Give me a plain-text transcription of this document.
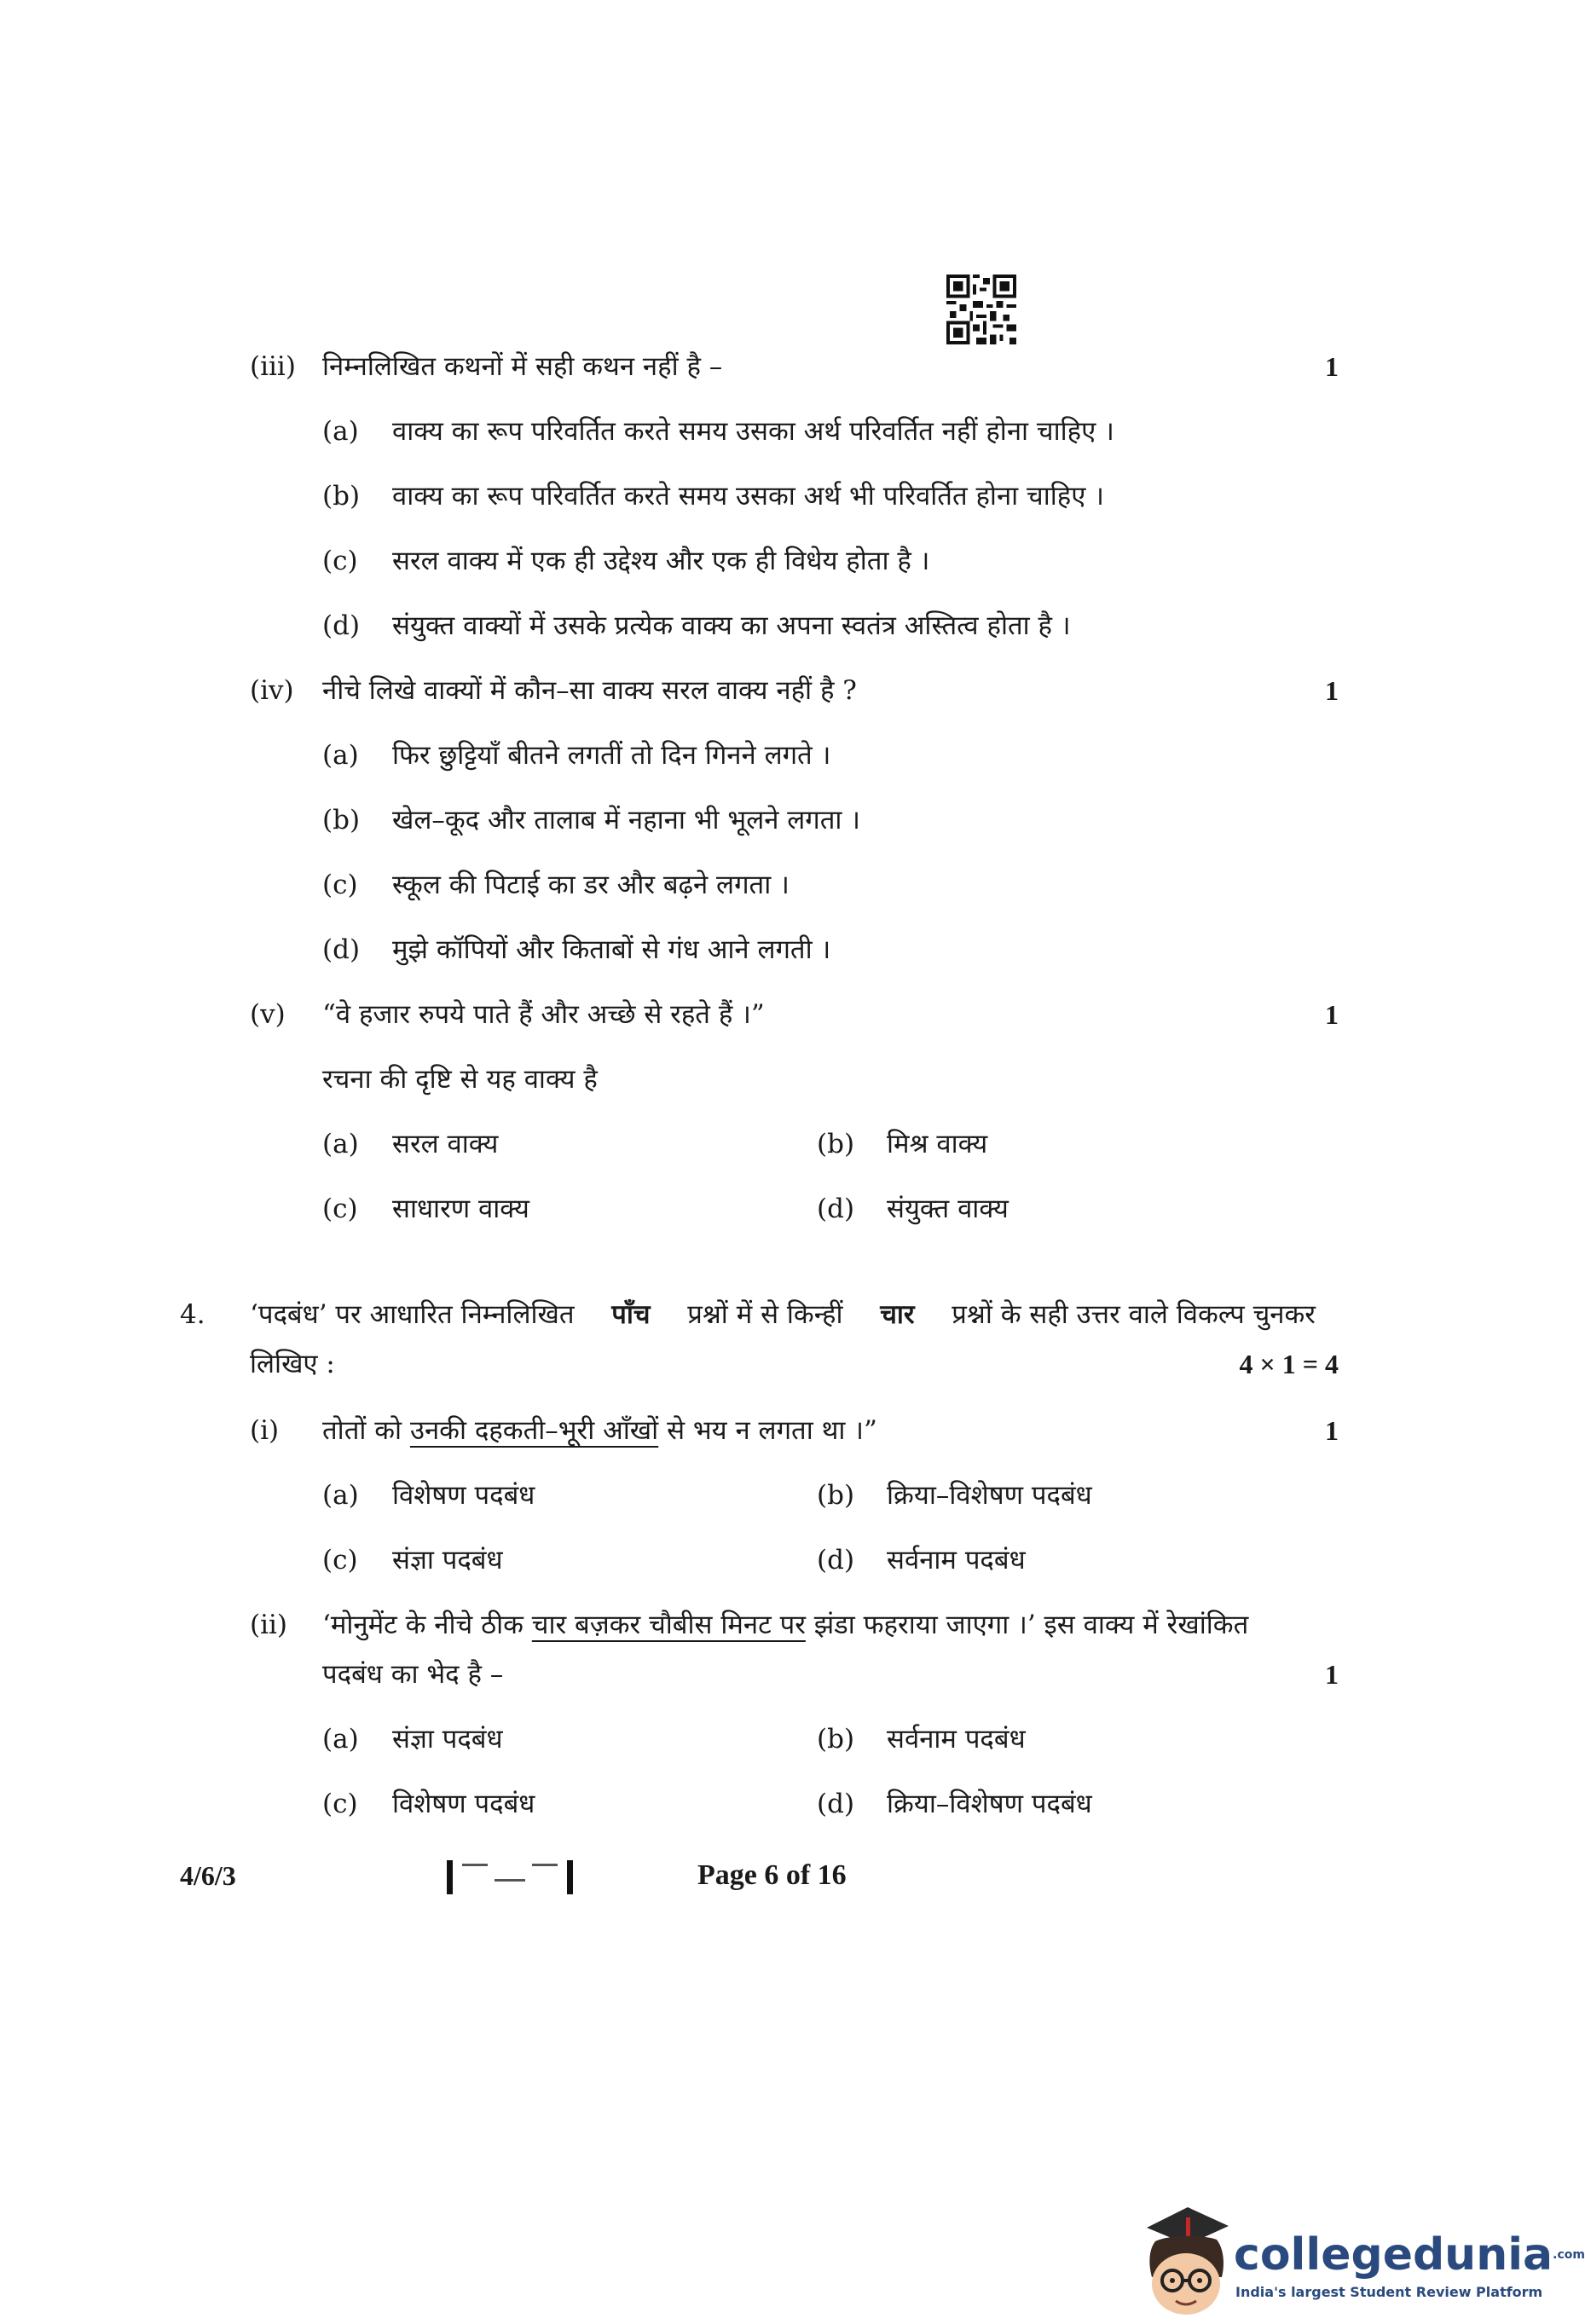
(iii) निम्नलिखित कथनों में सही कथन नहीं है –	1
(a) वाक्य का रूप परिवर्तित करते समय उसका अर्थ परिवर्तित नहीं होना चाहिए ।
(b) वाक्य का रूप परिवर्तित करते समय उसका अर्थ भी परिवर्तित होना चाहिए ।
(c) सरल वाक्य में एक ही उद्देश्य और एक ही विधेय होता है ।
(d) संयुक्त वाक्यों में उसके प्रत्येक वाक्य का अपना स्वतंत्र अस्तित्व होता है ।
(iv) नीचे लिखे वाक्यों में कौन–सा वाक्य सरल वाक्य नहीं है ?	1
(a) फिर छुट्टियाँ बीतने लगतीं तो दिन गिनने लगते ।
(b) खेल–कूद और तालाब में नहाना भी भूलने लगता ।
(c) स्कूल की पिटाई का डर और बढ़ने लगता ।
(d) मुझे कॉपियों और किताबों से गंध आने लगती ।
(v) “वे हजार रुपये पाते हैं और अच्छे से रहते हैं ।”	1
रचना की दृष्टि से यह वाक्य है
(a) सरल वाक्य	(b) मिश्र वाक्य
(c) साधारण वाक्य	(d) संयुक्त वाक्य
4. ‘पदबंध’ पर आधारित निम्नलिखित पाँच प्रश्नों में से किन्हीं चार प्रश्नों के सही उत्तर वाले विकल्प चुनकर
लिखिए :	4 × 1 = 4
(i) तोतों को उनकी दहकती–भूरी आँखों से भय न लगता था ।”	1
(a) विशेषण पदबंध	(b) क्रिया–विशेषण पदबंध
(c) संज्ञा पदबंध	(d) सर्वनाम पदबंध
(ii) ‘मोनुमेंट के नीचे ठीक चार बज़कर चौबीस मिनट पर झंडा फहराया जाएगा ।’ इस वाक्य में रेखांकित
पदबंध का भेद है –	1
(a) संज्ञा पदबंध	(b) सर्वनाम पदबंध
(c) विशेषण पदबंध	(d) क्रिया–विशेषण पदबंध
4/6/3	Page 6 of 16
collegedunia$^{.com}$
India's largest Student Review Platform
